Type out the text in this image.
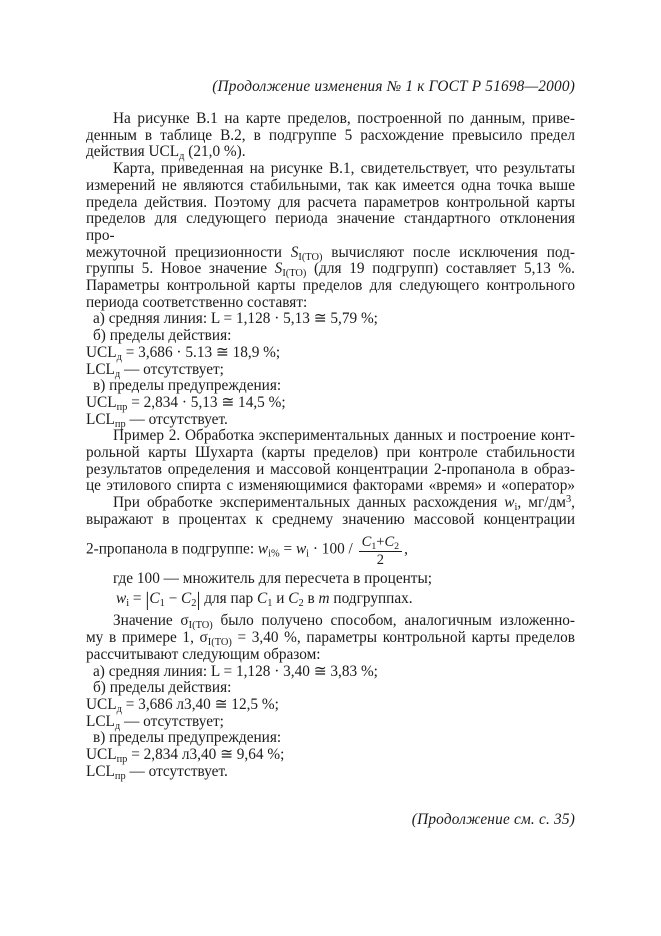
(Продолжение изменения № 1 к ГОСТ Р 51698—2000)
На рисунке В.1 на карте пределов, построенной по данным, приве-
денным в таблице В.2, в подгруппе 5 расхождение превысило предел
действия UCLд (21,0 %).
Карта, приведенная на рисунке В.1, свидетельствует, что результаты
измерений не являются стабильными, так как имеется одна точка выше
предела действия. Поэтому для расчета параметров контрольной карты
пределов для следующего периода значение стандартного отклонения про-
межуточной прецизионности SI(TO) вычисляют после исключения под-
группы 5. Новое значение SI(TO) (для 19 подгрупп) составляет 5,13 %.
Параметры контрольной карты пределов для следующего контрольного
периода соответственно составят:
а) средняя линия: L = 1,128 · 5,13 ≅ 5,79 %;
б) пределы действия:
UCLд = 3,686 · 5.13 ≅ 18,9 %;
LCLд — отсутствует;
в) пределы предупреждения:
UCLпр = 2,834 · 5,13 ≅ 14,5 %;
LCLпр — отсутствует.
Пример 2. Обработка экспериментальных данных и построение конт-
рольной карты Шухарта (карты пределов) при контроле стабильности
результатов определения и массовой концентрации 2-пропанола в образ-
це этилового спирта с изменяющимися факторами «время» и «оператор»
При обработке экспериментальных данных расхождения wi, $мг/дм^3$,
выражают в процентах к среднему значению массовой концентрации
2-пропанола в подгруппе: wi% = wi · $100 / \frac{C1+C2}{2}$ ,
где 100 — множитель для пересчета в проценты;
wi = |C1 − C2| для пар C1 и C2 в m подгруппах.
Значение σI(TO) было получено способом, аналогичным изложенно-
му в примере 1, σI(TO) = 3,40 %, параметры контрольной карты пределов
рассчитывают следующим образом:
а) средняя линия: L = 1,128 · 3,40 ≅ 3,83 %;
б) пределы действия:
UCLд = 3,686 л3,40 ≅ 12,5 %;
LCLд — отсутствует;
в) пределы предупреждения:
UCLпр = 2,834 л3,40 ≅ 9,64 %;
LCLпр — отсутствует.
(Продолжение см. с. 35)
